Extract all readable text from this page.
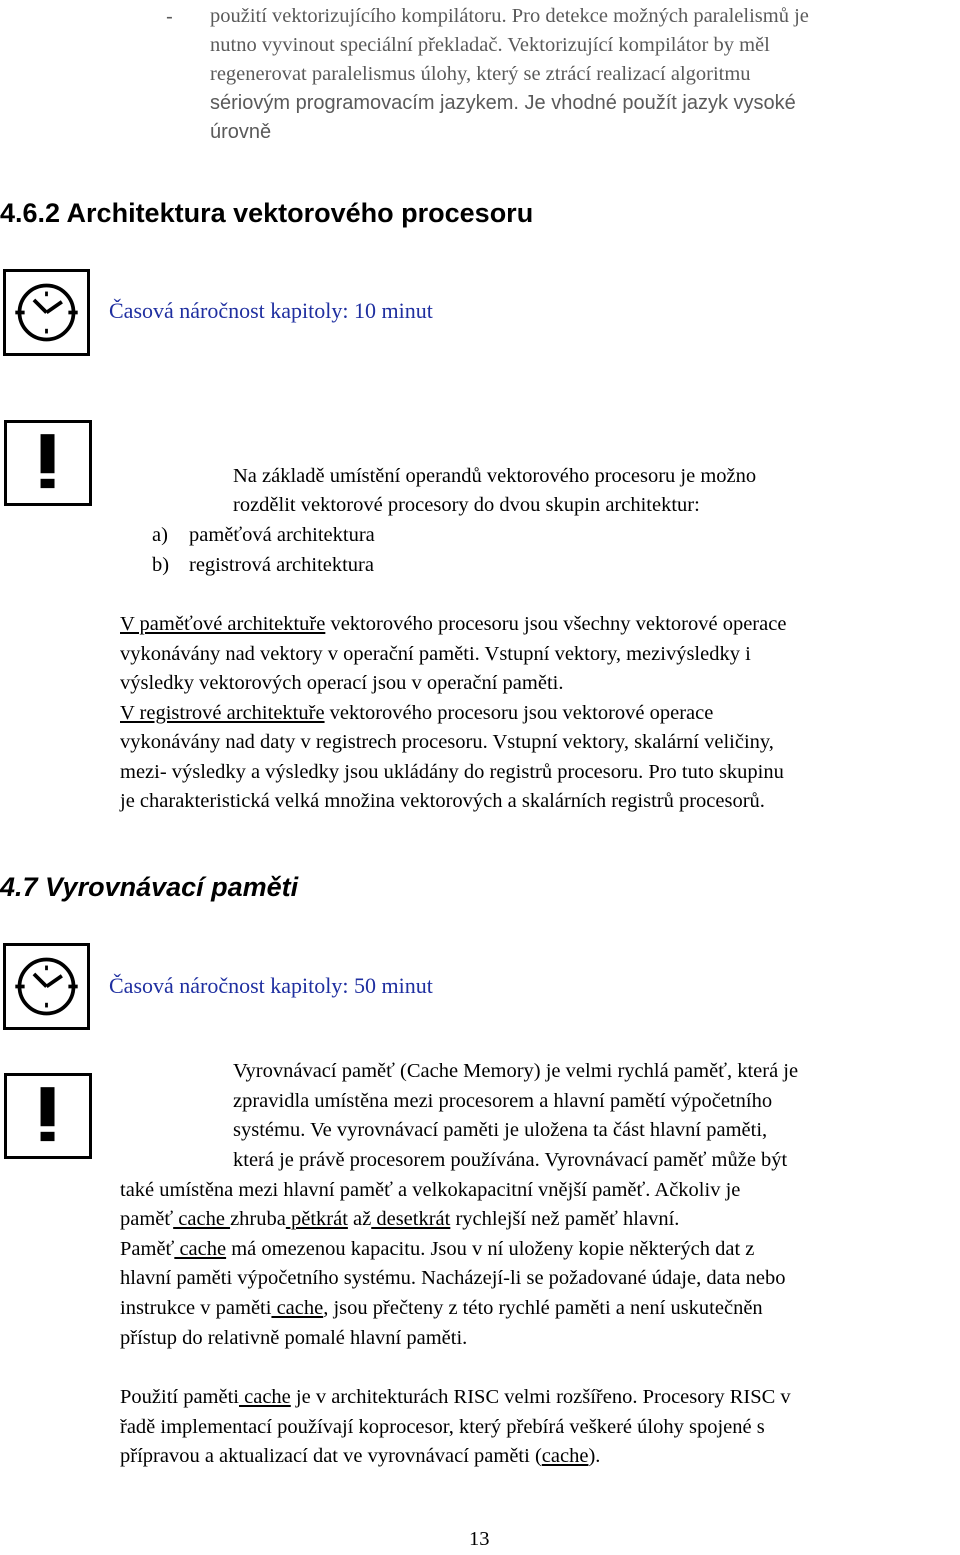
- použití vektorizujícího kompilátoru. Pro detekce možných paralelismů je
nutno vyvinout speciální překladač. Vektorizující kompilátor by měl
regenerovat paralelismus úlohy, který se ztrácí realizací algoritmu
sériovým programovacím jazykem. Je vhodné použít jazyk vysoké
úrovně
4.6.2 Architektura vektorového procesoru
Časová náročnost kapitoly: 10 minut
Na základě umístění operandů vektorového procesoru je možno
rozdělit vektorové procesory do dvou skupin architektur:
a) paměťová architektura
b) registrová architektura
V paměťové architektuře vektorového procesoru jsou všechny vektorové operace
vykonávány nad vektory v operační paměti. Vstupní vektory, mezivýsledky i
výsledky vektorových operací jsou v operační paměti.
V registrové architektuře vektorového procesoru jsou vektorové operace
vykonávány nad daty v registrech procesoru. Vstupní vektory, skalární veličiny,
mezi- výsledky a výsledky jsou ukládány do registrů procesoru. Pro tuto skupinu
je charakteristická velká množina vektorových a skalárních registrů procesorů.
4.7 Vyrovnávací paměti
Časová náročnost kapitoly: 50 minut
Vyrovnávací paměť (Cache Memory) je velmi rychlá paměť, která je
zpravidla umístěna mezi procesorem a hlavní pamětí výpočetního
systému. Ve vyrovnávací paměti je uložena ta část hlavní paměti,
která je právě procesorem používána. Vyrovnávací paměť může být
také umístěna mezi hlavní paměť a velkokapacitní vnější paměť. Ačkoliv je
paměť cache zhruba pětkrát až desetkrát rychlejší než paměť hlavní.
Paměť cache má omezenou kapacitu. Jsou v ní uloženy kopie některých dat z
hlavní paměti výpočetního systému. Nacházejí-li se požadované údaje, data nebo
instrukce v paměti cache, jsou přečteny z této rychlé paměti a není uskutečněn
přístup do relativně pomalé hlavní paměti.
Použití paměti cache je v architekturách RISC velmi rozšířeno. Procesory RISC v
řadě implementací používají koprocesor, který přebírá veškeré úlohy spojené s
přípravou a aktualizací dat ve vyrovnávací paměti (cache).
13
